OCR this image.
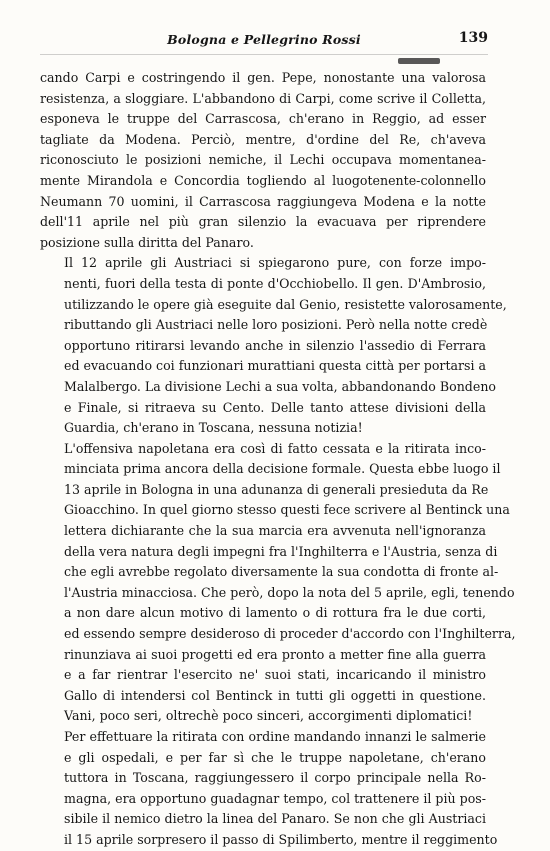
Bologna e Pellegrino Rossi	139

cando Carpi e costringendo il gen. Pepe, nonostante una valorosa
resistenza, a sloggiare. L'abbandono di Carpi, come scrive il Colletta,
esponeva le truppe del Carrascosa, ch'erano in Reggio, ad esser
tagliate da Modena. Perciò, mentre, d'ordine del Re, ch'aveva
riconosciuto le posizioni nemiche, il Lechi occupava momentanea-
mente Mirandola e Concordia togliendo al luogotenente-colonnello
Neumann 70 uomini, il Carrascosa raggiungeva Modena e la notte
dell'11 aprile nel più gran silenzio la evacuava per riprendere
posizione sulla diritta del Panaro.

Il 12 aprile gli Austriaci si spiegarono pure, con forze impo-
nenti, fuori della testa di ponte d'Occhiobello. Il gen. D'Ambrosio,
utilizzando le opere già eseguite dal Genio, resistette valorosamente,
ributtando gli Austriaci nelle loro posizioni. Però nella notte credè
opportuno ritirarsi levando anche in silenzio l'assedio di Ferrara
ed evacuando coi funzionari murattiani questa città per portarsi a
Malalbergo. La divisione Lechi a sua volta, abbandonando Bondeno
e Finale, si ritraeva su Cento. Delle tanto attese divisioni della
Guardia, ch'erano in Toscana, nessuna notizia!

L'offensiva napoletana era così di fatto cessata e la ritirata inco-
minciata prima ancora della decisione formale. Questa ebbe luogo il
13 aprile in Bologna in una adunanza di generali presieduta da Re
Gioacchino. In quel giorno stesso questi fece scrivere al Bentinck una
lettera dichiarante che la sua marcia era avvenuta nell'ignoranza
della vera natura degli impegni fra l'Inghilterra e l'Austria, senza di
che egli avrebbe regolato diversamente la sua condotta di fronte al-
l'Austria minacciosa. Che però, dopo la nota del 5 aprile, egli, tenendo
a non dare alcun motivo di lamento o di rottura fra le due corti,
ed essendo sempre desideroso di proceder d'accordo con l'Inghilterra,
rinunziava ai suoi progetti ed era pronto a metter fine alla guerra
e a far rientrar l'esercito ne' suoi stati, incaricando il ministro
Gallo di intendersi col Bentinck in tutti gli oggetti in questione.
Vani, poco seri, oltrechè poco sinceri, accorgimenti diplomatici!

Per effettuare la ritirata con ordine mandando innanzi le salmerie
e gli ospedali, e per far sì che le truppe napoletane, ch'erano
tuttora in Toscana, raggiungessero il corpo principale nella Ro-
magna, era opportuno guadagnar tempo, col trattenere il più pos-
sibile il nemico dietro la linea del Panaro. Se non che gli Austriaci
il 15 aprile sorpresero il passo di Spilimberto, mentre il reggimento
